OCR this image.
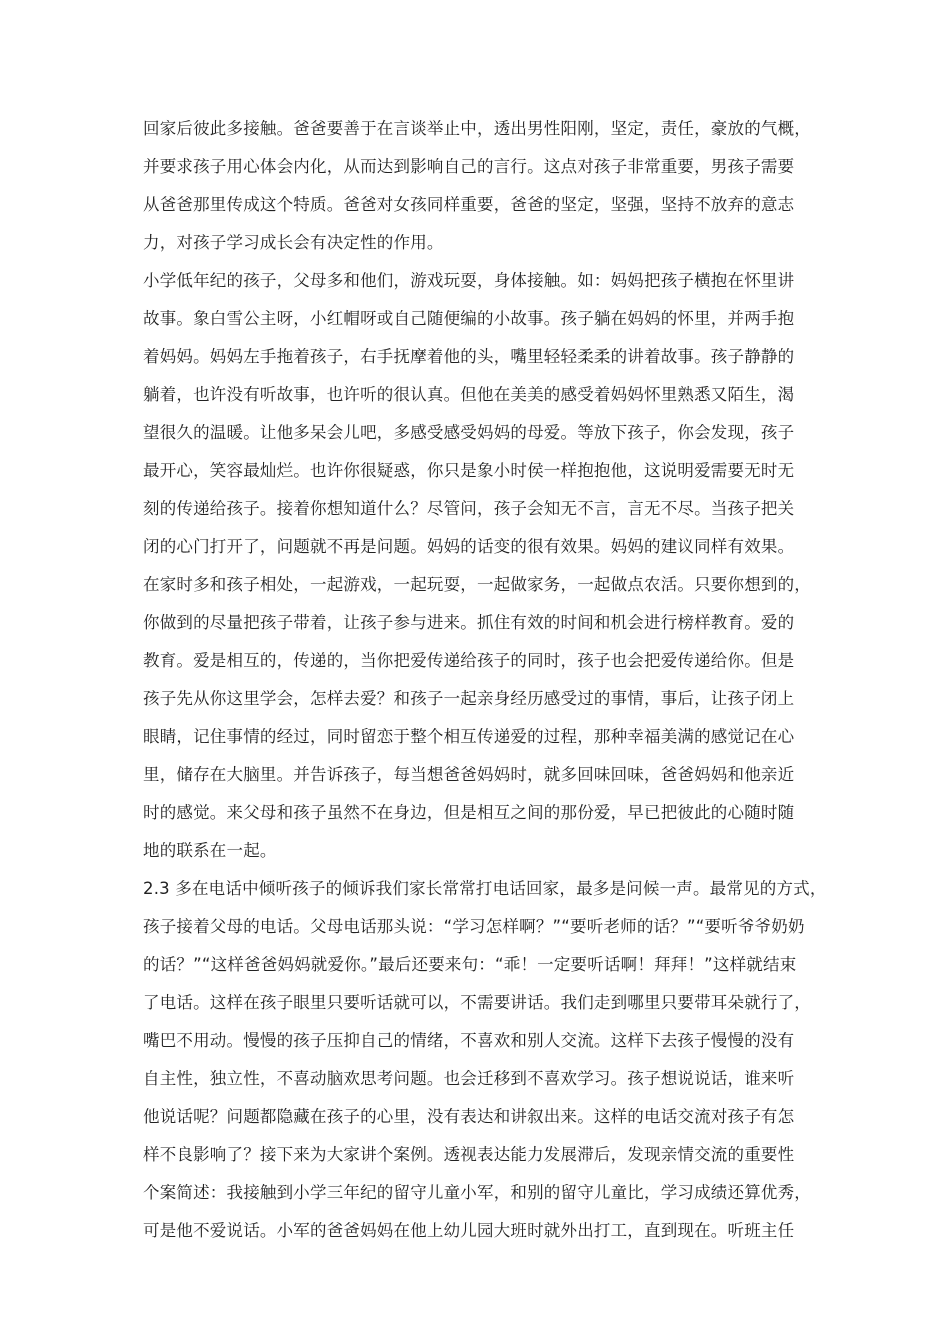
回家后彼此多接触。爸爸要善于在言谈举止中，透出男性阳刚，坚定，责任，豪放的气概，
并要求孩子用心体会内化，从而达到影响自己的言行。这点对孩子非常重要，男孩子需要
从爸爸那里传成这个特质。爸爸对女孩同样重要，爸爸的坚定，坚强，坚持不放弃的意志
力，对孩子学习成长会有决定性的作用。
小学低年纪的孩子，父母多和他们，游戏玩耍，身体接触。如：妈妈把孩子横抱在怀里讲
故事。象白雪公主呀，小红帽呀或自己随便编的小故事。孩子躺在妈妈的怀里，并两手抱
着妈妈。妈妈左手拖着孩子，右手抚摩着他的头，嘴里轻轻柔柔的讲着故事。孩子静静的
躺着，也许没有听故事，也许听的很认真。但他在美美的感受着妈妈怀里熟悉又陌生，渴
望很久的温暖。让他多呆会儿吧，多感受感受妈妈的母爱。等放下孩子，你会发现，孩子
最开心，笑容最灿烂。也许你很疑惑，你只是象小时侯一样抱抱他，这说明爱需要无时无
刻的传递给孩子。接着你想知道什么？尽管问，孩子会知无不言，言无不尽。当孩子把关
闭的心门打开了，问题就不再是问题。妈妈的话变的很有效果。妈妈的建议同样有效果。
在家时多和孩子相处，一起游戏，一起玩耍，一起做家务，一起做点农活。只要你想到的，
你做到的尽量把孩子带着，让孩子参与进来。抓住有效的时间和机会进行榜样教育。爱的
教育。爱是相互的，传递的，当你把爱传递给孩子的同时，孩子也会把爱传递给你。但是
孩子先从你这里学会，怎样去爱？和孩子一起亲身经历感受过的事情，事后，让孩子闭上
眼睛，记住事情的经过，同时留恋于整个相互传递爱的过程，那种幸福美满的感觉记在心
里，储存在大脑里。并告诉孩子，每当想爸爸妈妈时，就多回味回味，爸爸妈妈和他亲近
时的感觉。来父母和孩子虽然不在身边，但是相互之间的那份爱，早已把彼此的心随时随
地的联系在一起。
2.3 多在电话中倾听孩子的倾诉我们家长常常打电话回家，最多是问候一声。最常见的方式，
孩子接着父母的电话。父母电话那头说：“学习怎样啊？”“要听老师的话？”“要听爷爷奶奶
的话？”“这样爸爸妈妈就爱你。”最后还要来句：“乖！一定要听话啊！拜拜！”这样就结束
了电话。这样在孩子眼里只要听话就可以，不需要讲话。我们走到哪里只要带耳朵就行了，
嘴巴不用动。慢慢的孩子压抑自己的情绪，不喜欢和别人交流。这样下去孩子慢慢的没有
自主性，独立性，不喜动脑欢思考问题。也会迁移到不喜欢学习。孩子想说说话，谁来听
他说话呢？问题都隐藏在孩子的心里，没有表达和讲叙出来。这样的电话交流对孩子有怎
样不良影响了？接下来为大家讲个案例。透视表达能力发展滞后，发现亲情交流的重要性
个案简述：我接触到小学三年纪的留守儿童小军，和别的留守儿童比，学习成绩还算优秀，
可是他不爱说话。小军的爸爸妈妈在他上幼儿园大班时就外出打工，直到现在。听班主任
